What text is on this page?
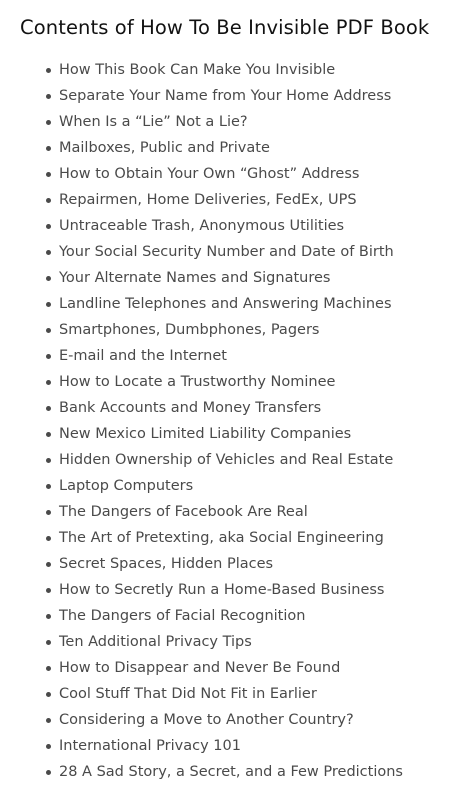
Contents of How To Be Invisible PDF Book
How This Book Can Make You Invisible
Separate Your Name from Your Home Address
When Is a “Lie” Not a Lie?
Mailboxes, Public and Private
How to Obtain Your Own “Ghost” Address
Repairmen, Home Deliveries, FedEx, UPS
Untraceable Trash, Anonymous Utilities
Your Social Security Number and Date of Birth
Your Alternate Names and Signatures
Landline Telephones and Answering Machines
Smartphones, Dumbphones, Pagers
E-mail and the Internet
How to Locate a Trustworthy Nominee
Bank Accounts and Money Transfers
New Mexico Limited Liability Companies
Hidden Ownership of Vehicles and Real Estate
Laptop Computers
The Dangers of Facebook Are Real
The Art of Pretexting, aka Social Engineering
Secret Spaces, Hidden Places
How to Secretly Run a Home-Based Business
The Dangers of Facial Recognition
Ten Additional Privacy Tips
How to Disappear and Never Be Found
Cool Stuff That Did Not Fit in Earlier
Considering a Move to Another Country?
International Privacy 101
28 A Sad Story, a Secret, and a Few Predictions
